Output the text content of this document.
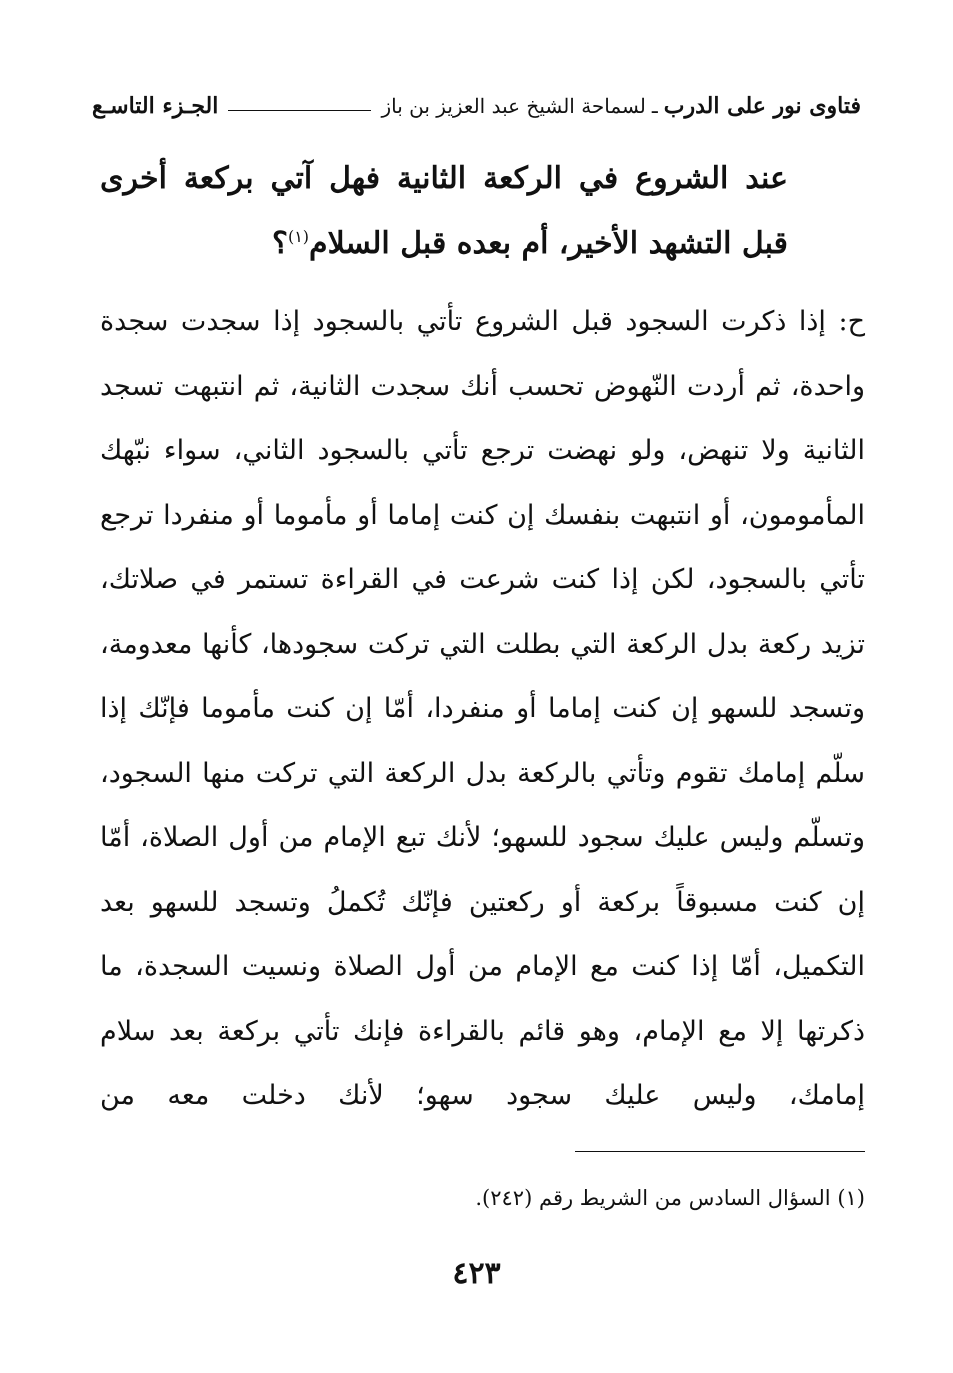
فتاوى نور على الدرب
ـ
لسماحة الشيخ عبد العزيز بن باز
الجـزء التاسـع
عند الشروع في الركعة الثانية فهل آتي بركعة أخرى قبل التشهد الأخير، أم بعده قبل السلام$^{(١)}$؟
ح: إذا ذكرت السجود قبل الشروع تأتي بالسجود إذا سجدت سجدة واحدة، ثم أردت النّهوض تحسب أنك سجدت الثانية، ثم انتبهت تسجد الثانية ولا تنهض، ولو نهضت ترجع تأتي بالسجود الثاني، سواء نبّهك المأمومون، أو انتبهت بنفسك إن كنت إماما أو مأموما أو منفردا ترجع تأتي بالسجود، لكن إذا كنت شرعت في القراءة تستمر في صلاتك، تزيد ركعة بدل الركعة التي بطلت التي تركت سجودها، كأنها معدومة، وتسجد للسهو إن كنت إماما أو منفردا، أمّا إن كنت مأموما فإنّك إذا سلّم إمامك تقوم وتأتي بالركعة بدل الركعة التي تركت منها السجود، وتسلّم وليس عليك سجود للسهو؛ لأنك تبع الإمام من أول الصلاة، أمّا إن كنت مسبوقاً بركعة أو ركعتين فإنّك تُكملُ وتسجد للسهو بعد التكميل، أمّا إذا كنت مع الإمام من أول الصلاة ونسيت السجدة، ما ذكرتها إلا مع الإمام، وهو قائم بالقراءة فإنك تأتي بركعة بعد سلام إمامك، وليس عليك سجود سهو؛ لأنك دخلت معه من
(١) السؤال السادس من الشريط رقم (٢٤٢).
٤٢٣
